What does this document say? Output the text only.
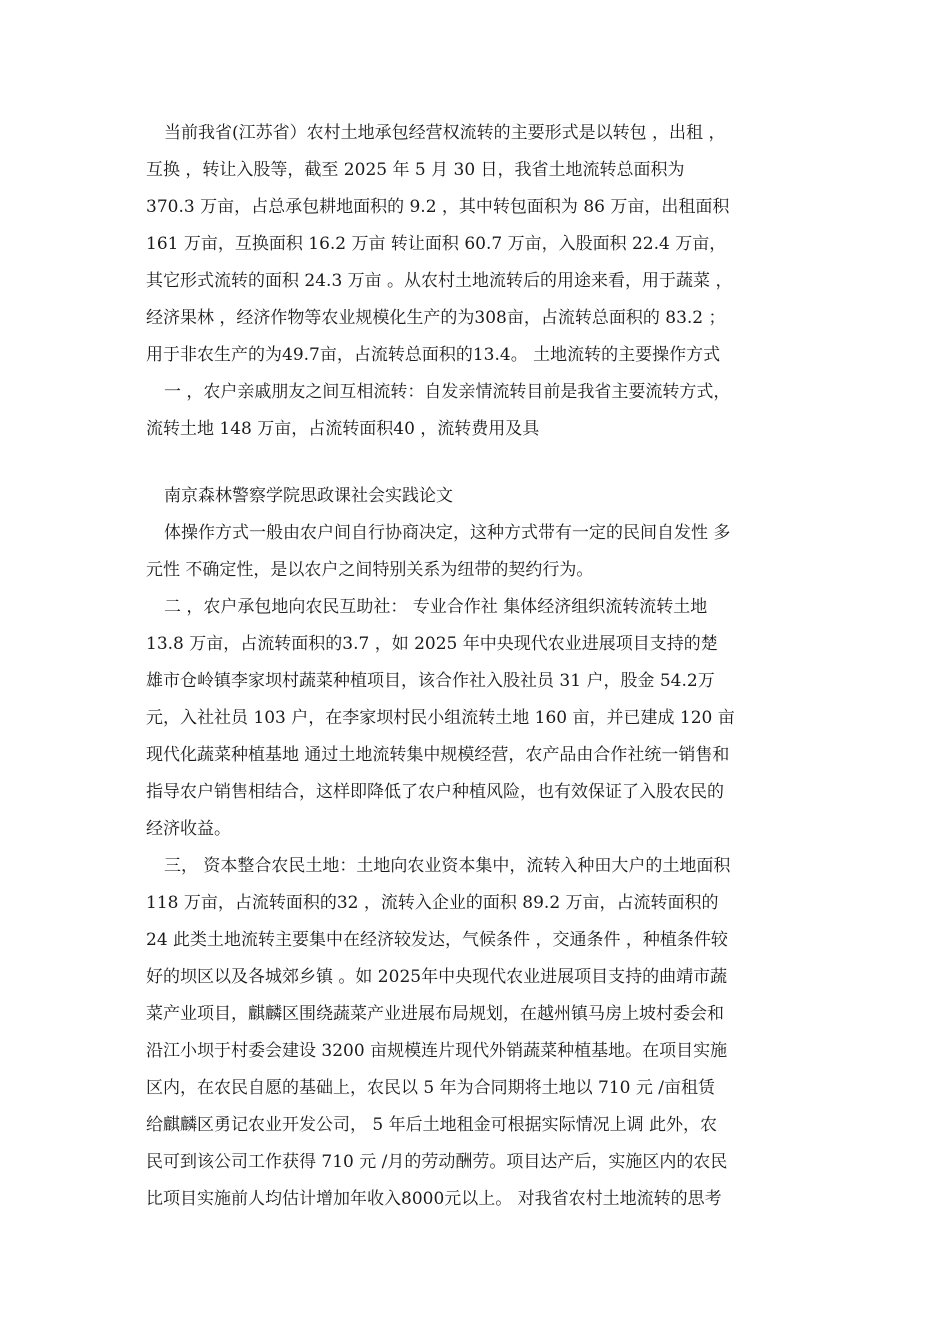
当前我省(江苏省）农村土地承包经营权流转的主要形式是以转包 ，出租 ，
互换 ，转让入股等，截至 2025 年 5 月 30 日，我省土地流转总面积为
370.3 万亩，占总承包耕地面积的 9.2 ，其中转包面积为 86 万亩，出租面积
161 万亩，互换面积 16.2 万亩 转让面积 60.7 万亩，入股面积 22.4 万亩，
其它形式流转的面积 24.3 万亩 。从农村土地流转后的用途来看，用于蔬菜 ，
经济果林 ，经济作物等农业规模化生产的为308亩，占流转总面积的 83.2 ；
用于非农生产的为49.7亩，占流转总面积的13.4。 土地流转的主要操作方式
一 ，农户亲戚朋友之间互相流转：自发亲情流转目前是我省主要流转方式，
流转土地 148 万亩，占流转面积40 ，流转费用及具
南京森林警察学院思政课社会实践论文
体操作方式一般由农户间自行协商决定，这种方式带有一定的民间自发性 多
元性 不确定性，是以农户之间特别关系为纽带的契约行为。
二 ，农户承包地向农民互助社： 专业合作社 集体经济组织流转流转土地
13.8 万亩，占流转面积的3.7 ，如 2025 年中央现代农业进展项目支持的楚
雄市仓岭镇李家坝村蔬菜种植项目，该合作社入股社员 31 户，股金 54.2万
元，入社社员 103 户，在李家坝村民小组流转土地 160 亩，并已建成 120 亩
现代化蔬菜种植基地 通过土地流转集中规模经营，农产品由合作社统一销售和
指导农户销售相结合，这样即降低了农户种植风险，也有效保证了入股农民的
经济收益。
三， 资本整合农民土地：土地向农业资本集中，流转入种田大户的土地面积
118 万亩，占流转面积的32 ，流转入企业的面积 89.2 万亩，占流转面积的
24 此类土地流转主要集中在经济较发达，气候条件 ，交通条件 ，种植条件较
好的坝区以及各城郊乡镇 。如 2025年中央现代农业进展项目支持的曲靖市蔬
菜产业项目，麒麟区围绕蔬菜产业进展布局规划，在越州镇马房上坡村委会和
沿江小坝于村委会建设 3200 亩规模连片现代外销蔬菜种植基地。在项目实施
区内，在农民自愿的基础上，农民以 5 年为合同期将土地以 710 元 /亩租赁
给麒麟区勇记农业开发公司， 5 年后土地租金可根据实际情况上调 此外，农
民可到该公司工作获得 710 元 /月的劳动酬劳。项目达产后，实施区内的农民
比项目实施前人均估计增加年收入8000元以上。 对我省农村土地流转的思考
